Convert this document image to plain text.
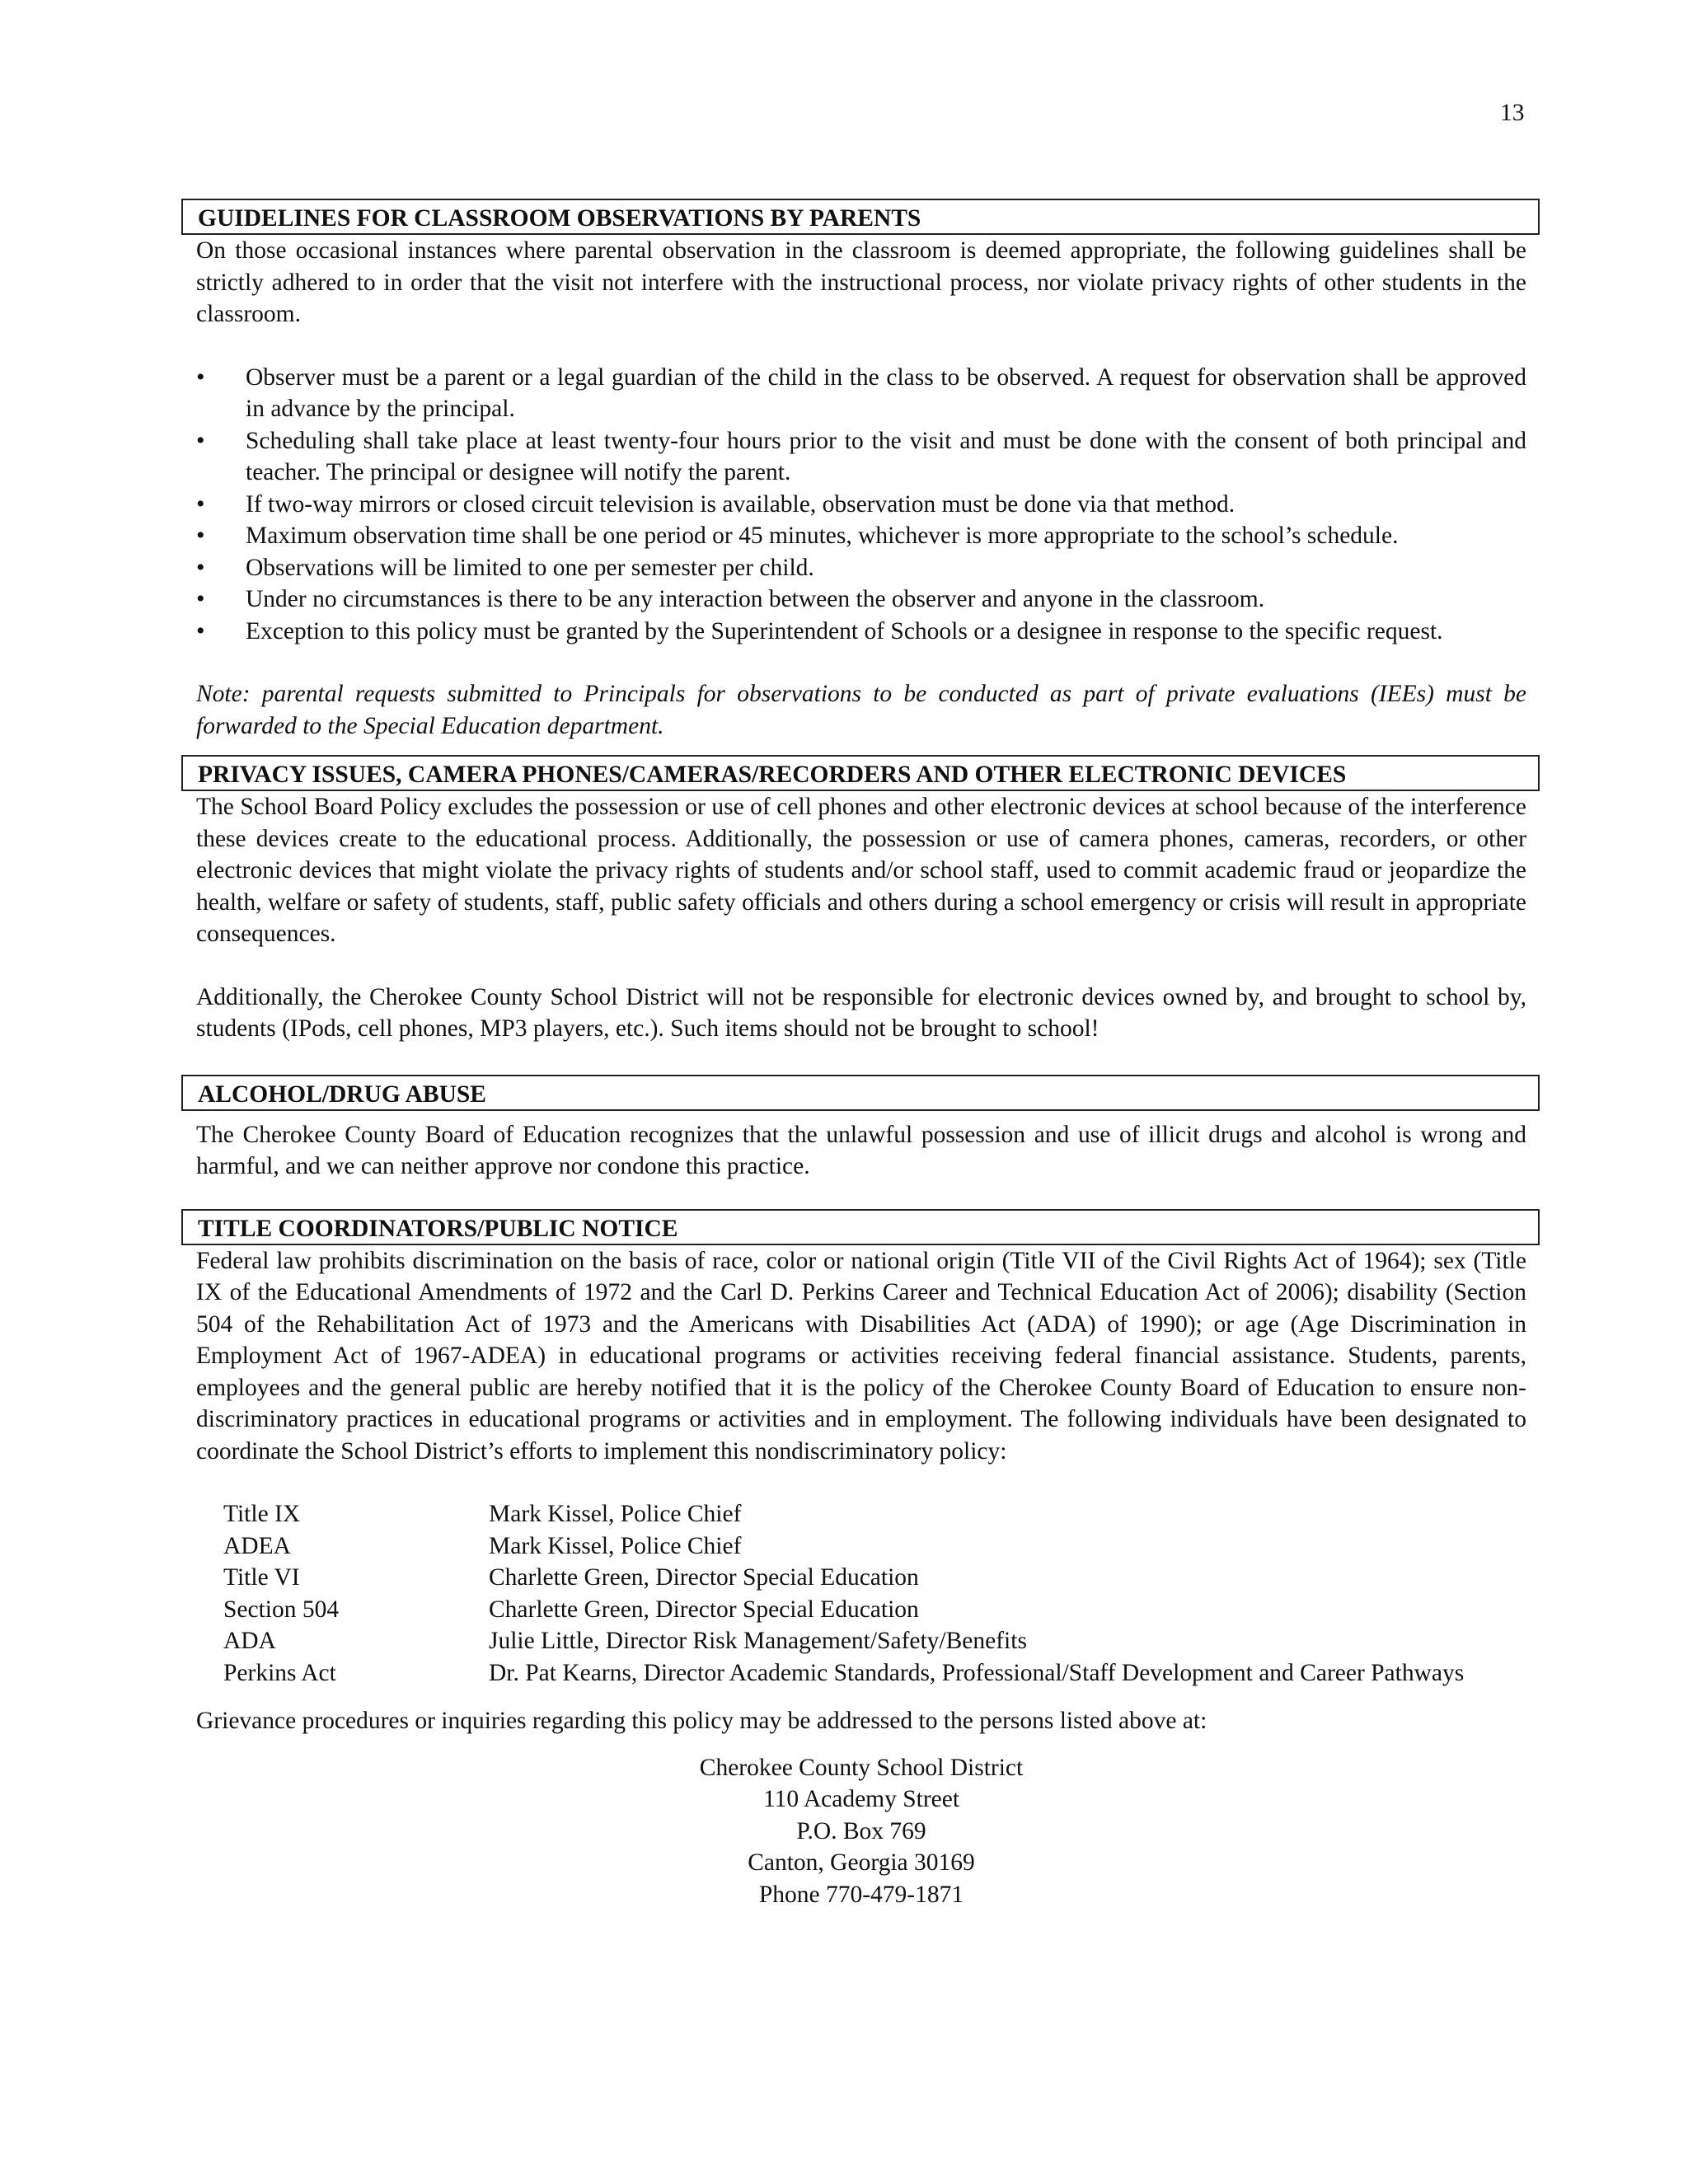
13
GUIDELINES FOR CLASSROOM OBSERVATIONS BY PARENTS

On those occasional instances where parental observation in the classroom is deemed appropriate, the following guidelines shall be strictly adhered to in order that the visit not interfere with the instructional process, nor violate privacy rights of other students in the classroom.

• Observer must be a parent or a legal guardian of the child in the class to be observed. A request for observation shall be approved in advance by the principal.
• Scheduling shall take place at least twenty-four hours prior to the visit and must be done with the consent of both principal and teacher. The principal or designee will notify the parent.
• If two-way mirrors or closed circuit television is available, observation must be done via that method.
• Maximum observation time shall be one period or 45 minutes, whichever is more appropriate to the school’s schedule.
• Observations will be limited to one per semester per child.
• Under no circumstances is there to be any interaction between the observer and anyone in the classroom.
• Exception to this policy must be granted by the Superintendent of Schools or a designee in response to the specific request.

Note: parental requests submitted to Principals for observations to be conducted as part of private evaluations (IEEs) must be forwarded to the Special Education department.

PRIVACY ISSUES, CAMERA PHONES/CAMERAS/RECORDERS AND OTHER ELECTRONIC DEVICES

The School Board Policy excludes the possession or use of cell phones and other electronic devices at school because of the interference these devices create to the educational process. Additionally, the possession or use of camera phones, cameras, recorders, or other electronic devices that might violate the privacy rights of students and/or school staff, used to commit academic fraud or jeopardize the health, welfare or safety of students, staff, public safety officials and others during a school emergency or crisis will result in appropriate consequences.

Additionally, the Cherokee County School District will not be responsible for electronic devices owned by, and brought to school by, students (IPods, cell phones, MP3 players, etc.). Such items should not be brought to school!

ALCOHOL/DRUG ABUSE

The Cherokee County Board of Education recognizes that the unlawful possession and use of illicit drugs and alcohol is wrong and harmful, and we can neither approve nor condone this practice.

TITLE COORDINATORS/PUBLIC NOTICE

Federal law prohibits discrimination on the basis of race, color or national origin (Title VII of the Civil Rights Act of 1964); sex (Title IX of the Educational Amendments of 1972 and the Carl D. Perkins Career and Technical Education Act of 2006); disability (Section 504 of the Rehabilitation Act of 1973 and the Americans with Disabilities Act (ADA) of 1990); or age (Age Discrimination in Employment Act of 1967-ADEA) in educational programs or activities receiving federal financial assistance. Students, parents, employees and the general public are hereby notified that it is the policy of the Cherokee County Board of Education to ensure non-discriminatory practices in educational programs or activities and in employment. The following individuals have been designated to coordinate the School District’s efforts to implement this nondiscriminatory policy:

Title IX	Mark Kissel, Police Chief
ADEA	Mark Kissel, Police Chief
Title VI	Charlette Green, Director Special Education
Section 504	Charlette Green, Director Special Education
ADA	Julie Little, Director Risk Management/Safety/Benefits
Perkins Act	Dr. Pat Kearns, Director Academic Standards, Professional/Staff Development and Career Pathways

Grievance procedures or inquiries regarding this policy may be addressed to the persons listed above at:

Cherokee County School District
110 Academy Street
P.O. Box 769
Canton, Georgia 30169
Phone 770-479-1871
